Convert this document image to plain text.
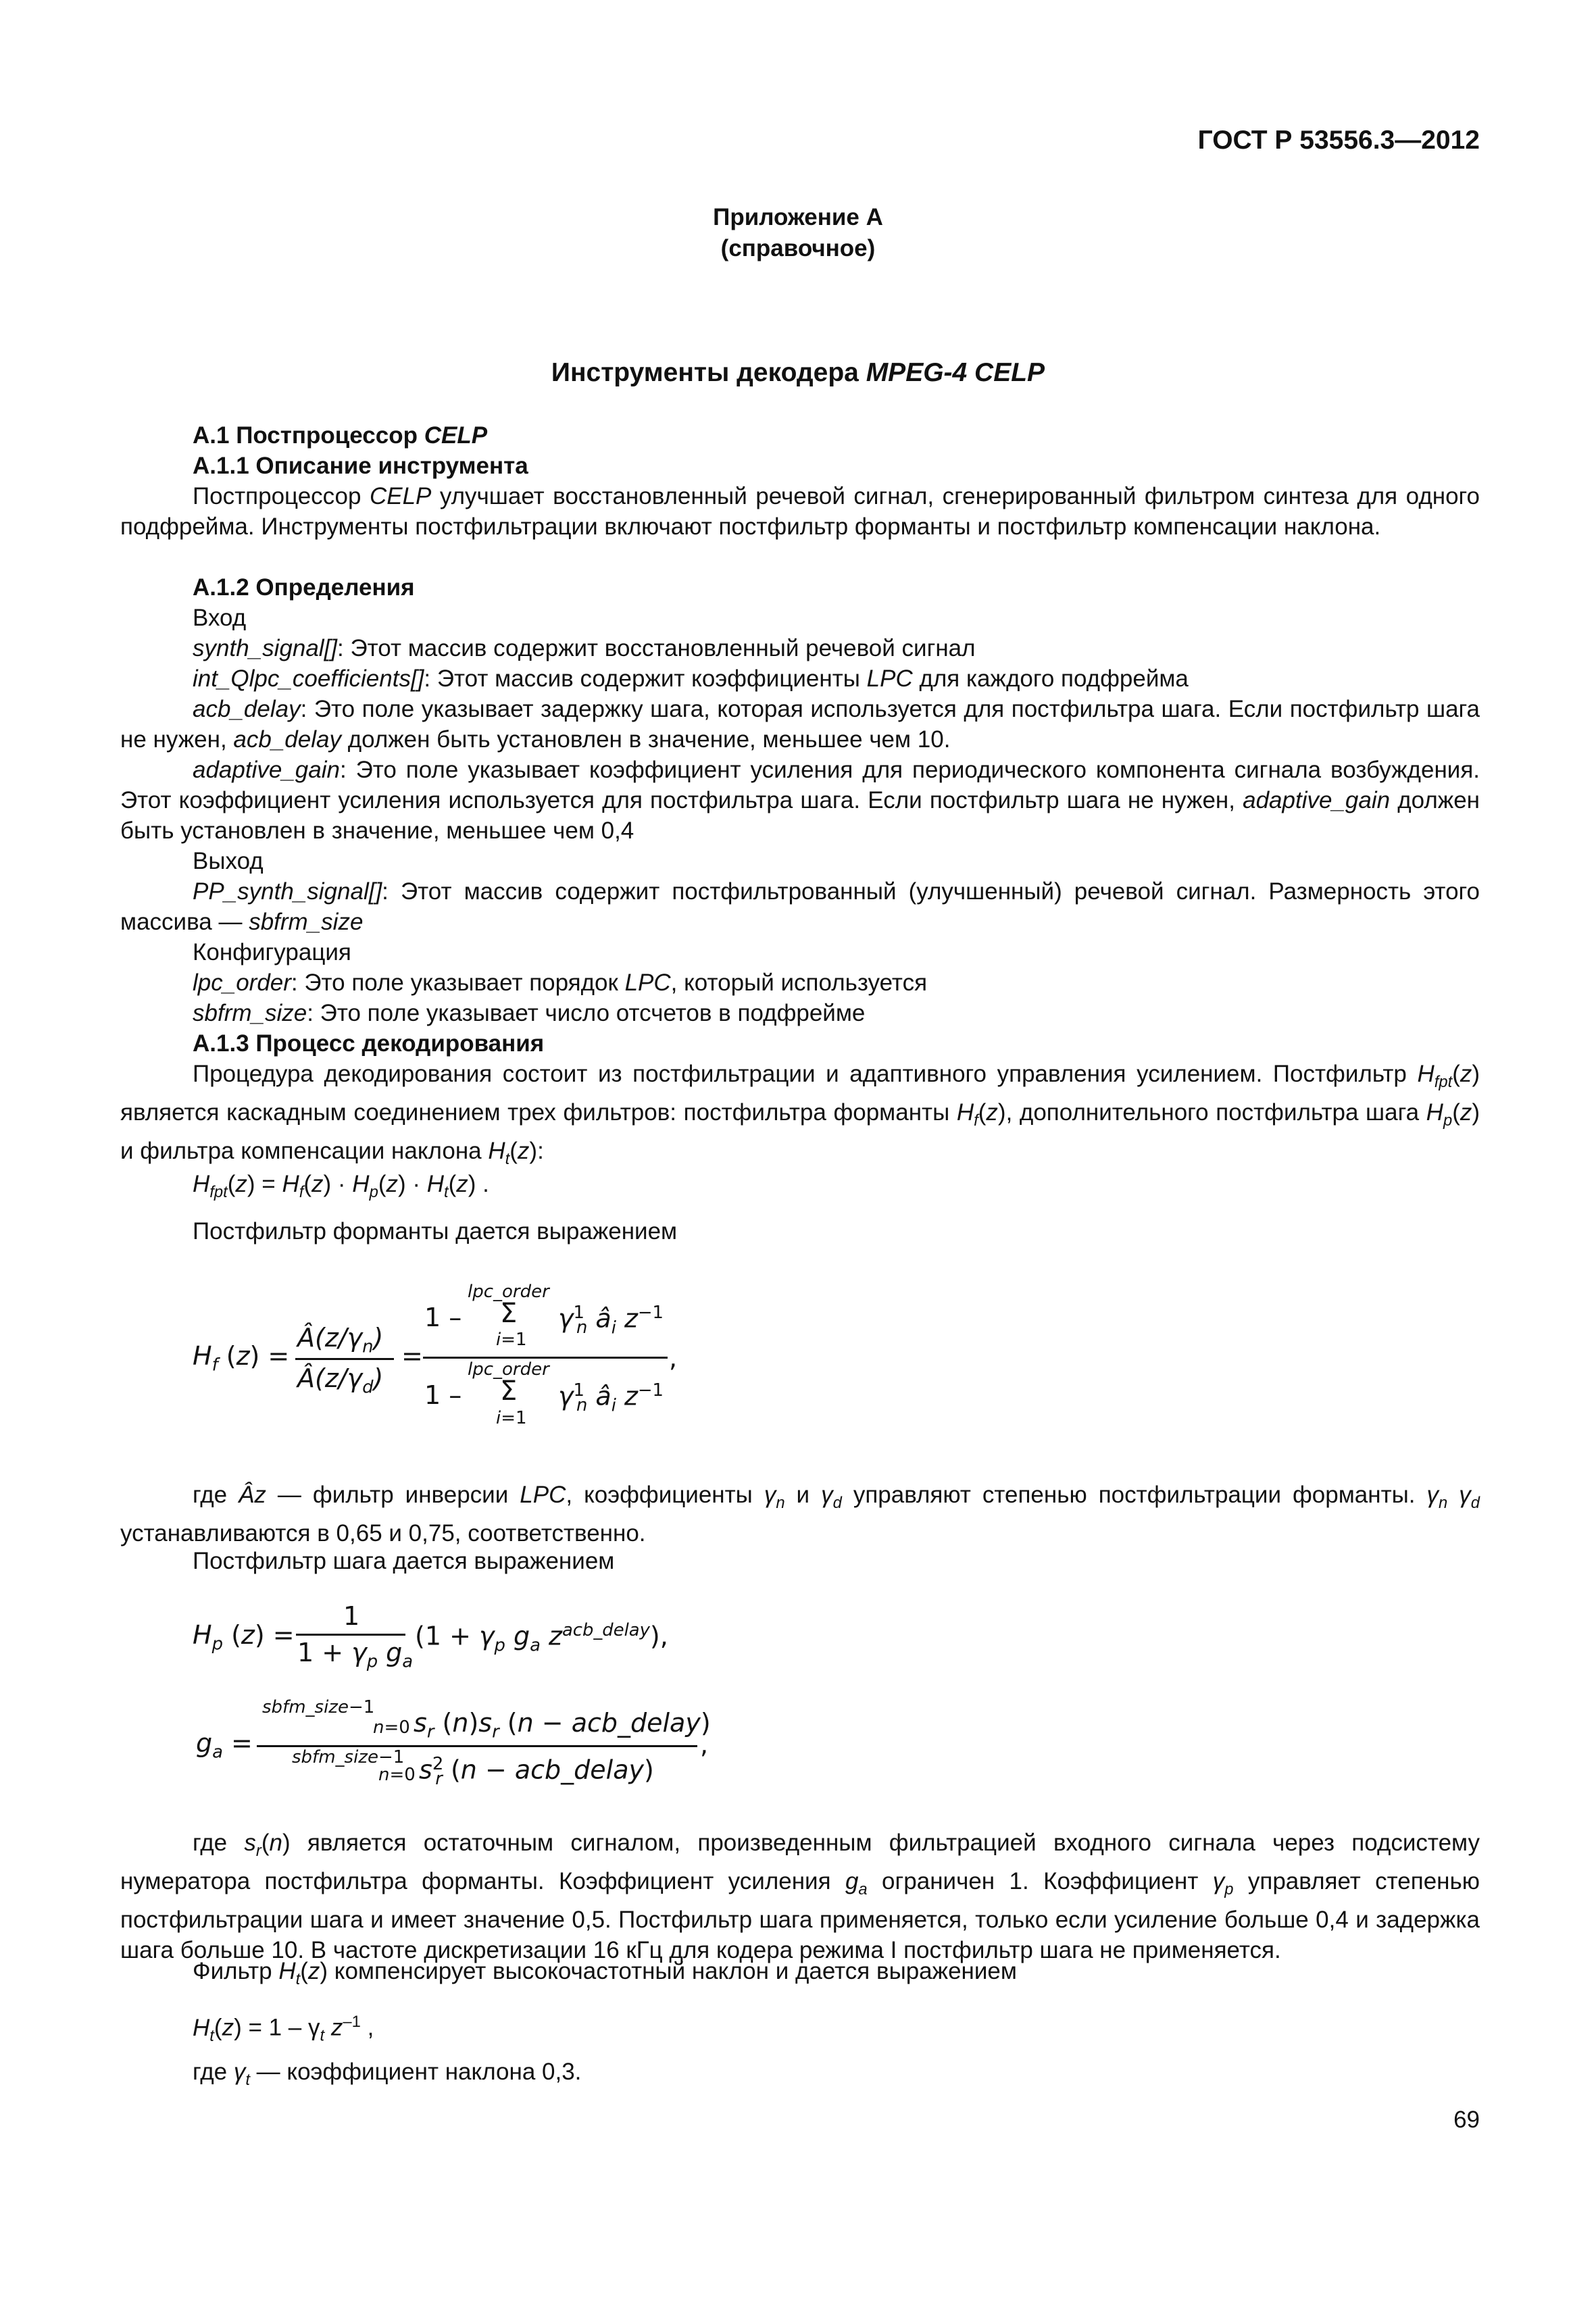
ГОСТ Р 53556.3—2012
Приложение А
(справочное)
Инструменты декодера MPEG-4 CELP
А.1 Постпроцессор CELP
А.1.1 Описание инструмента
Постпроцессор CELP улучшает восстановленный речевой сигнал, сгенерированный фильтром синтеза для одного подфрейма. Инструменты постфильтрации включают постфильтр форманты и постфильтр компенсации наклона.
А.1.2 Определения
Вход
synth_signal[]: Этот массив содержит восстановленный речевой сигнал
int_Qlpc_coefficients[]: Этот массив содержит коэффициенты LPC для каждого подфрейма
acb_delay: Это поле указывает задержку шага, которая используется для постфильтра шага. Если постфильтр шага не нужен, acb_delay должен быть установлен в значение, меньшее чем 10.
adaptive_gain: Это поле указывает коэффициент усиления для периодического компонента сигнала возбуждения. Этот коэффициент усиления используется для постфильтра шага. Если постфильтр шага не нужен, adaptive_gain должен быть установлен в значение, меньшее чем 0,4
Выход
PP_synth_signal[]: Этот массив содержит постфильтрованный (улучшенный) речевой сигнал. Размерность этого массива — sbfrm_size
Конфигурация
lpc_order: Это поле указывает порядок LPC, который используется
sbfrm_size: Это поле указывает число отсчетов в подфрейме
А.1.3 Процесс декодирования
Процедура декодирования состоит из постфильтрации и адаптивного управления усилением. Постфильтр $H_{fpt}(z)$ является каскадным соединением трех фильтров: постфильтра форманты $H_f(z)$, дополнительного постфильтра шага $H_p(z)$ и фильтра компенсации наклона $H_t(z)$:
$H_{fpt}(z) = H_f(z) \cdot H_p(z) \cdot H_t(z)$ .
Постфильтр форманты дается выражением
$H_f$ (z) =
$Â(z/\gamma_n)$
$Â(z/\gamma_d)$
=
lpc_order
1 – Σ
i=1
$\gamma^1_n$ $â_i$ $z^{-1}$
lpc_order
1 – Σ
i=1
$\gamma^1_n$ $â_i$ $z^{-1}$
,
где Âz — фильтр инверсии LPC, коэффициенты $\gamma_n$ и $\gamma_d$ управляют степенью постфильтрации форманты. $\gamma_n$ $\gamma_d$ устанавливаются в 0,65 и 0,75, соответственно.
Постфильтр шага дается выражением
$H_p$ (z) =
1
$1 + \gamma_p$ $g_a$
($1 + \gamma_p$ $g_a$ $z^{acb\_delay}$),
$g_a$ =
sbfm_size−1
n=0 $s_r$ $(n)s_r$ (n − acb_delay)
sbfm_size−1
n=0 $s^2_r$ (n − acb_delay)
,
где $s_r(n)$ является остаточным сигналом, произведенным фильтрацией входного сигнала через подсистему нумератора постфильтра форманты. Коэффициент усиления $g_a$ ограничен 1. Коэффициент $\gamma_p$ управляет степенью постфильтрации шага и имеет значение 0,5. Постфильтр шага применяется, только если усиление больше 0,4 и задержка шага больше 10. В частоте дискретизации 16 кГц для кодера режима I постфильтр шага не применяется.
Фильтр $H_t(z)$ компенсирует высокочастотный наклон и дается выражением
$H_t(z) = 1 - \gamma_t$ $z^{-1}$ ,
где $\gamma_t$ — коэффициент наклона 0,3.
69
